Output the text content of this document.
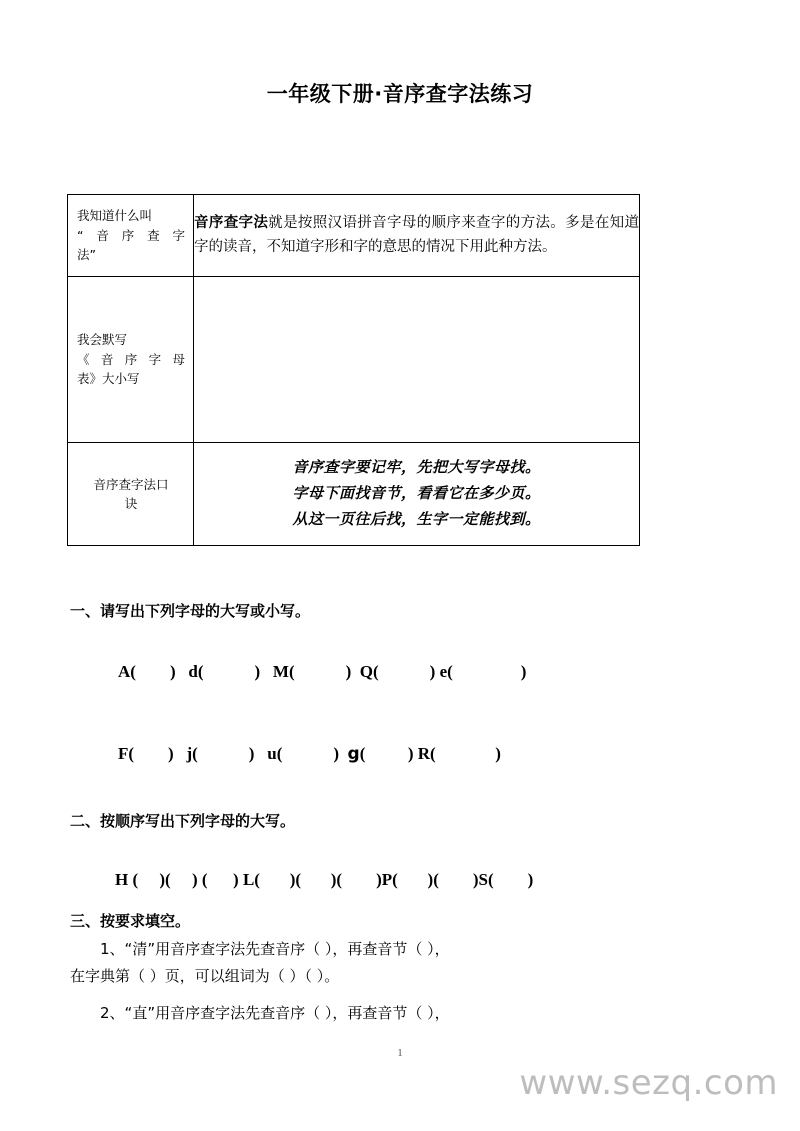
一年级下册·音序查字法练习
我知道什么叫

“音序查字
法”	音序查字法就是按照汉语拼音字母的顺序来查字的方法。多是在知道字的读音，不知道字形和字的意思的情况下用此种方法。

我会默写

《音序字母
表》大小写	

音序查字法口
诀	音序查字要记牢，先把大写字母找。
字母下面找音节，看看它在多少页。
从这一页往后找，生字一定能找到。
一、请写出下列字母的大写或小写。
A(        ) d(            ) M(            ) Q(            ) e(                )
F(        ) j(            ) u(            ) g(          ) R(              )
二、按顺序写出下列字母的大写。
H (     )(     ) (      ) L(       )(       )(        )P(       )(        )S(        )
三、按要求填空。
1、“清”用音序查字法先查音序（ ），再查音节（ ），
在字典第（ ）页，可以组词为（ ）（ ）。
2、“直”用音序查字法先查音序（ ），再查音节（ ），
1
www.sezq.com
